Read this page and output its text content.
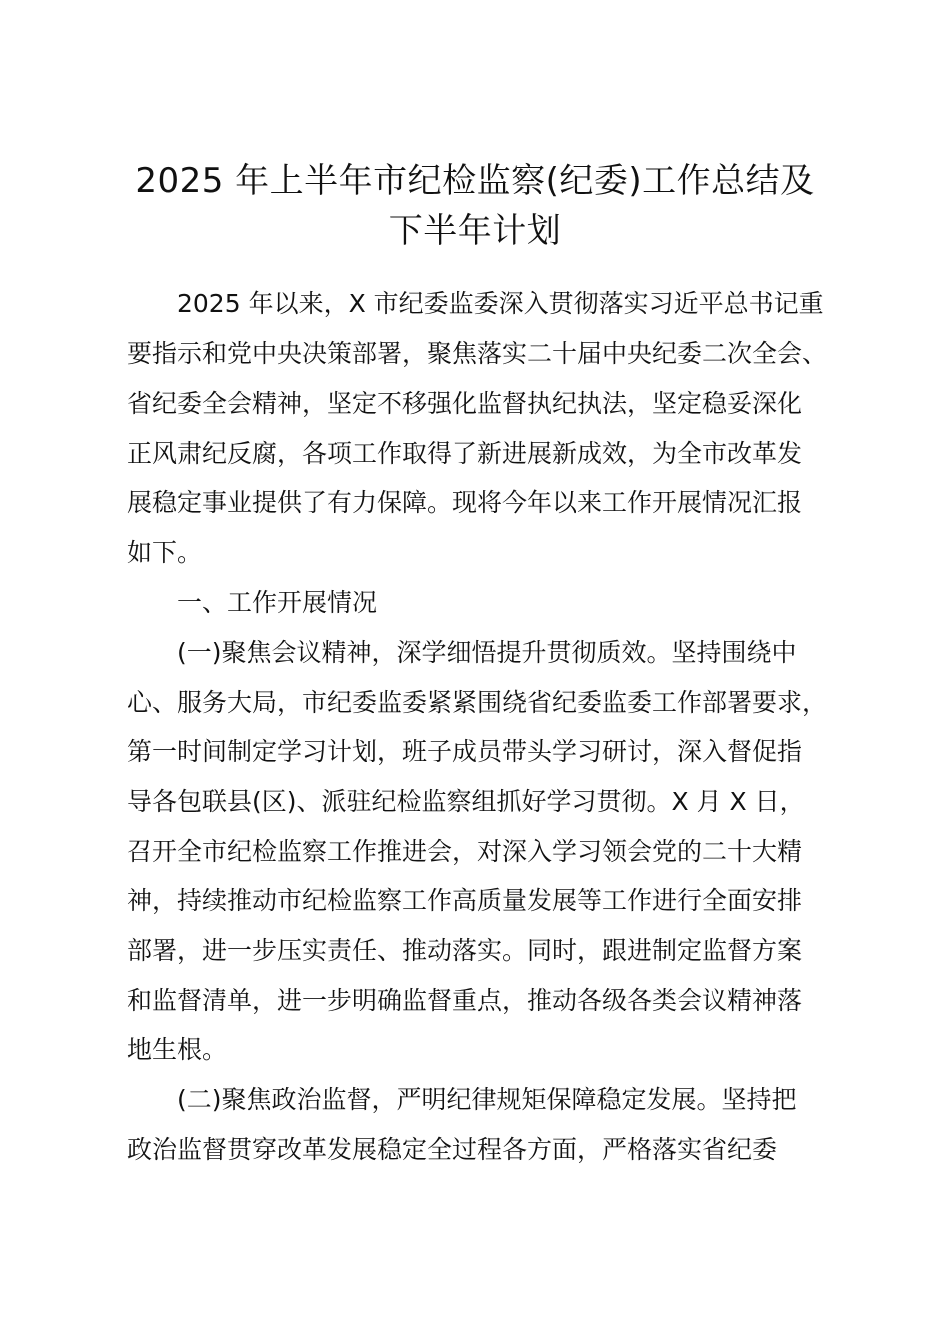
2025 年上半年市纪检监察(纪委)工作总结及
下半年计划

2025 年以来，X 市纪委监委深入贯彻落实习近平总书记重

要指示和党中央决策部署，聚焦落实二十届中央纪委二次全会、

省纪委全会精神，坚定不移强化监督执纪执法，坚定稳妥深化

正风肃纪反腐，各项工作取得了新进展新成效，为全市改革发

展稳定事业提供了有力保障。现将今年以来工作开展情况汇报

如下。

一、工作开展情况

(一)聚焦会议精神，深学细悟提升贯彻质效。坚持围绕中

心、服务大局，市纪委监委紧紧围绕省纪委监委工作部署要求，

第一时间制定学习计划，班子成员带头学习研讨，深入督促指

导各包联县(区)、派驻纪检监察组抓好学习贯彻。X 月 X 日，

召开全市纪检监察工作推进会，对深入学习领会党的二十大精

神，持续推动市纪检监察工作高质量发展等工作进行全面安排

部署，进一步压实责任、推动落实。同时，跟进制定监督方案

和监督清单，进一步明确监督重点，推动各级各类会议精神落

地生根。

(二)聚焦政治监督，严明纪律规矩保障稳定发展。坚持把

政治监督贯穿改革发展稳定全过程各方面，严格落实省纪委
